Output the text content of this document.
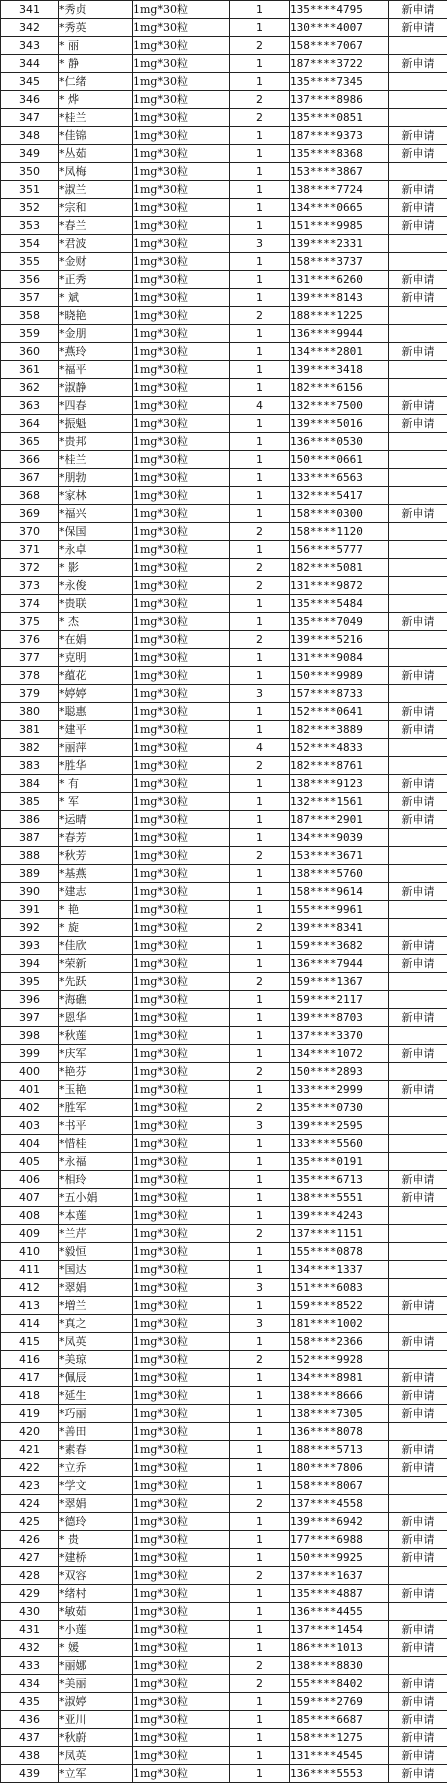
341	*秀贞	1mg*30粒	1	135****4795	新申请
342	*秀英	1mg*30粒	1	130****4007	新申请
343	* 丽	1mg*30粒	2	158****7067	
344	* 静	1mg*30粒	1	187****3722	新申请
345	*仁绪	1mg*30粒	1	135****7345	
346	* 烨	1mg*30粒	2	137****8986	
347	*桂兰	1mg*30粒	2	135****0851	
348	*佳锦	1mg*30粒	1	187****9373	新申请
349	*丛茹	1mg*30粒	1	135****8368	新申请
350	*凤梅	1mg*30粒	1	153****3867	
351	*淑兰	1mg*30粒	1	138****7724	新申请
352	*宗和	1mg*30粒	1	134****0665	新申请
353	*春兰	1mg*30粒	1	151****9985	新申请
354	*君波	1mg*30粒	3	139****2331	
355	*金财	1mg*30粒	1	158****3737	
356	*正秀	1mg*30粒	1	131****6260	新申请
357	* 斌	1mg*30粒	1	139****8143	新申请
358	*晓艳	1mg*30粒	2	188****1225	
359	*金朋	1mg*30粒	1	136****9944	
360	*燕玲	1mg*30粒	1	134****2801	新申请
361	*福平	1mg*30粒	1	139****3418	
362	*淑静	1mg*30粒	1	182****6156	
363	*四春	1mg*30粒	4	132****7500	新申请
364	*振魁	1mg*30粒	1	139****5016	新申请
365	*贵邦	1mg*30粒	1	136****0530	
366	*桂兰	1mg*30粒	1	150****0661	
367	*朋勃	1mg*30粒	1	133****6563	
368	*家林	1mg*30粒	1	132****5417	
369	*福兴	1mg*30粒	1	158****0300	新申请
370	*保国	1mg*30粒	2	158****1120	
371	*永卓	1mg*30粒	1	156****5777	
372	* 影	1mg*30粒	2	182****5081	
373	*永俊	1mg*30粒	2	131****9872	
374	*贵联	1mg*30粒	1	135****5484	
375	* 杰	1mg*30粒	1	135****7049	新申请
376	*在娟	1mg*30粒	2	139****5216	
377	*克明	1mg*30粒	1	131****9084	
378	*蕴花	1mg*30粒	1	150****9989	新申请
379	*婷婷	1mg*30粒	3	157****8733	
380	*聪惠	1mg*30粒	1	152****0641	新申请
381	*建平	1mg*30粒	1	182****3889	新申请
382	*丽萍	1mg*30粒	4	152****4833	
383	*胜华	1mg*30粒	2	182****8761	
384	* 有	1mg*30粒	1	138****9123	新申请
385	* 军	1mg*30粒	1	132****1561	新申请
386	*运晴	1mg*30粒	1	187****2901	新申请
387	*春芳	1mg*30粒	1	134****9039	
388	*秋芳	1mg*30粒	2	153****3671	
389	*基燕	1mg*30粒	1	138****5760	
390	*建志	1mg*30粒	1	158****9614	新申请
391	* 艳	1mg*30粒	1	155****9961	
392	* 旋	1mg*30粒	2	139****8341	
393	*佳欣	1mg*30粒	1	159****3682	新申请
394	*荣新	1mg*30粒	1	136****7944	新申请
395	*先跃	1mg*30粒	2	159****1367	
396	*海礁	1mg*30粒	1	159****2117	
397	*恩华	1mg*30粒	1	139****8703	新申请
398	*秋莲	1mg*30粒	1	137****3370	
399	*庆军	1mg*30粒	1	134****1072	新申请
400	*艳芬	1mg*30粒	2	150****2893	
401	*玉艳	1mg*30粒	1	133****2999	新申请
402	*胜军	1mg*30粒	2	135****0730	
403	*书平	1mg*30粒	3	139****2595	
404	*惜桂	1mg*30粒	1	133****5560	
405	*永福	1mg*30粒	1	135****0191	
406	*相玲	1mg*30粒	1	135****6713	新申请
407	*五小娟	1mg*30粒	1	138****5551	新申请
408	*本莲	1mg*30粒	1	139****4243	
409	*兰芹	1mg*30粒	2	137****1151	
410	*毅恒	1mg*30粒	1	155****0878	
411	*国达	1mg*30粒	1	134****1337	
412	*翠娟	1mg*30粒	3	151****6083	
413	*増兰	1mg*30粒	1	159****8522	新申请
414	*真之	1mg*30粒	3	181****1002	
415	*凤英	1mg*30粒	1	158****2366	新申请
416	*美琼	1mg*30粒	2	152****9928	
417	*佩辰	1mg*30粒	1	134****8981	新申请
418	*延生	1mg*30粒	1	138****8666	新申请
419	*巧丽	1mg*30粒	1	138****7305	新申请
420	*善田	1mg*30粒	1	136****8078	
421	*素春	1mg*30粒	1	188****5713	新申请
422	*立乔	1mg*30粒	1	180****7806	新申请
423	*学文	1mg*30粒	1	158****8067	
424	*翠娟	1mg*30粒	2	137****4558	
425	*德玲	1mg*30粒	1	139****6942	新申请
426	* 贵	1mg*30粒	1	177****6988	新申请
427	*建桥	1mg*30粒	1	150****9925	新申请
428	*双容	1mg*30粒	2	137****1637	
429	*绪村	1mg*30粒	1	135****4887	新申请
430	*敏茹	1mg*30粒	1	136****4455	
431	*小莲	1mg*30粒	1	137****1454	新申请
432	* 媛	1mg*30粒	1	186****1013	新申请
433	*丽娜	1mg*30粒	2	138****8830	
434	*美丽	1mg*30粒	2	155****8402	新申请
435	*淑婷	1mg*30粒	1	159****2769	新申请
436	*亚川	1mg*30粒	1	185****6687	新申请
437	*秋蔚	1mg*30粒	1	158****1275	新申请
438	*凤英	1mg*30粒	1	131****4545	新申请
439	*立军	1mg*30粒	1	136****5553	新申请
